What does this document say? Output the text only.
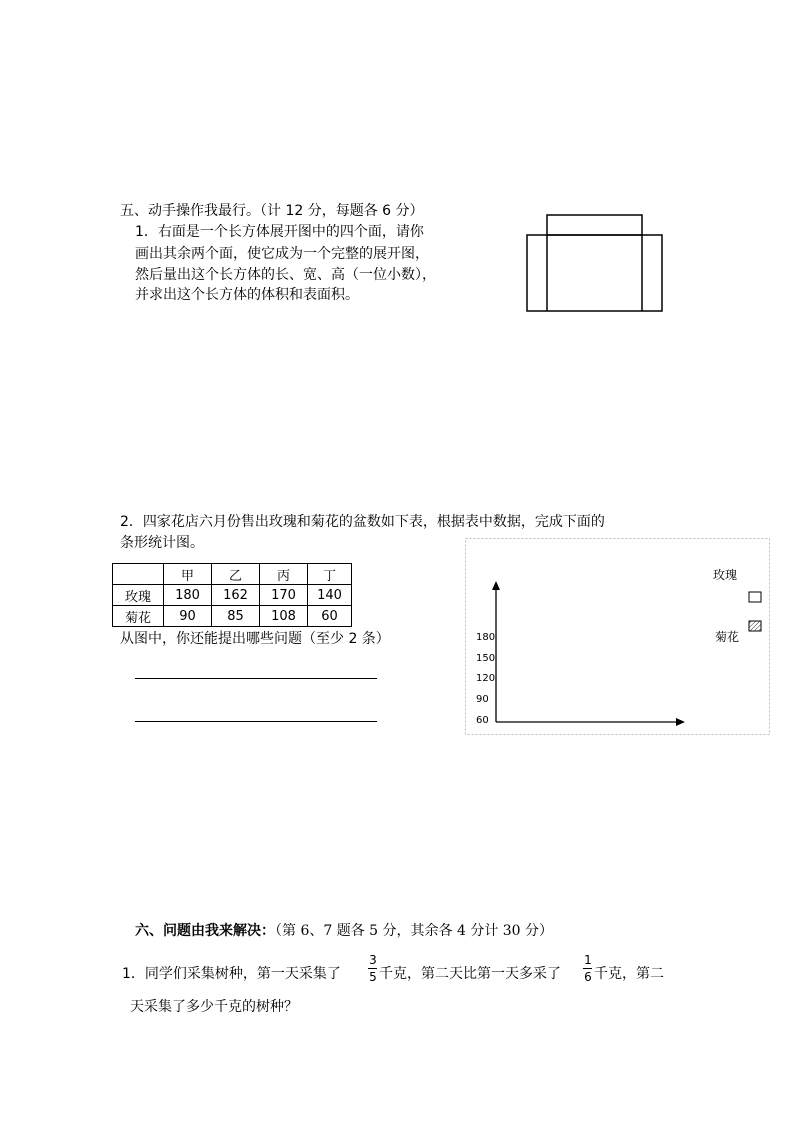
五、动手操作我最行。（计 12 分，每题各 6 分）
1．右面是一个长方体展开图中的四个面，请你
画出其余两个面，使它成为一个完整的展开图，
然后量出这个长方体的长、宽、高（一位小数），
并求出这个长方体的体积和表面积。
2．四家花店六月份售出玫瑰和菊花的盆数如下表，根据表中数据，完成下面的
条形统计图。
	甲	乙	丙	丁
玫瑰	180	162	170	140
菊花	90	85	108	60
从图中，你还能提出哪些问题（至少 2 条）	180
150
120
90
60
玫瑰
菊花
六、问题由我来解决：（第 6、7 题各 5 分，其余各 4 分计 30 分）
1．同学们采集树种，第一天采集了
3
5 千克，第二天比第一天多采了
1
6 千克，第二
天采集了多少千克的树种？
